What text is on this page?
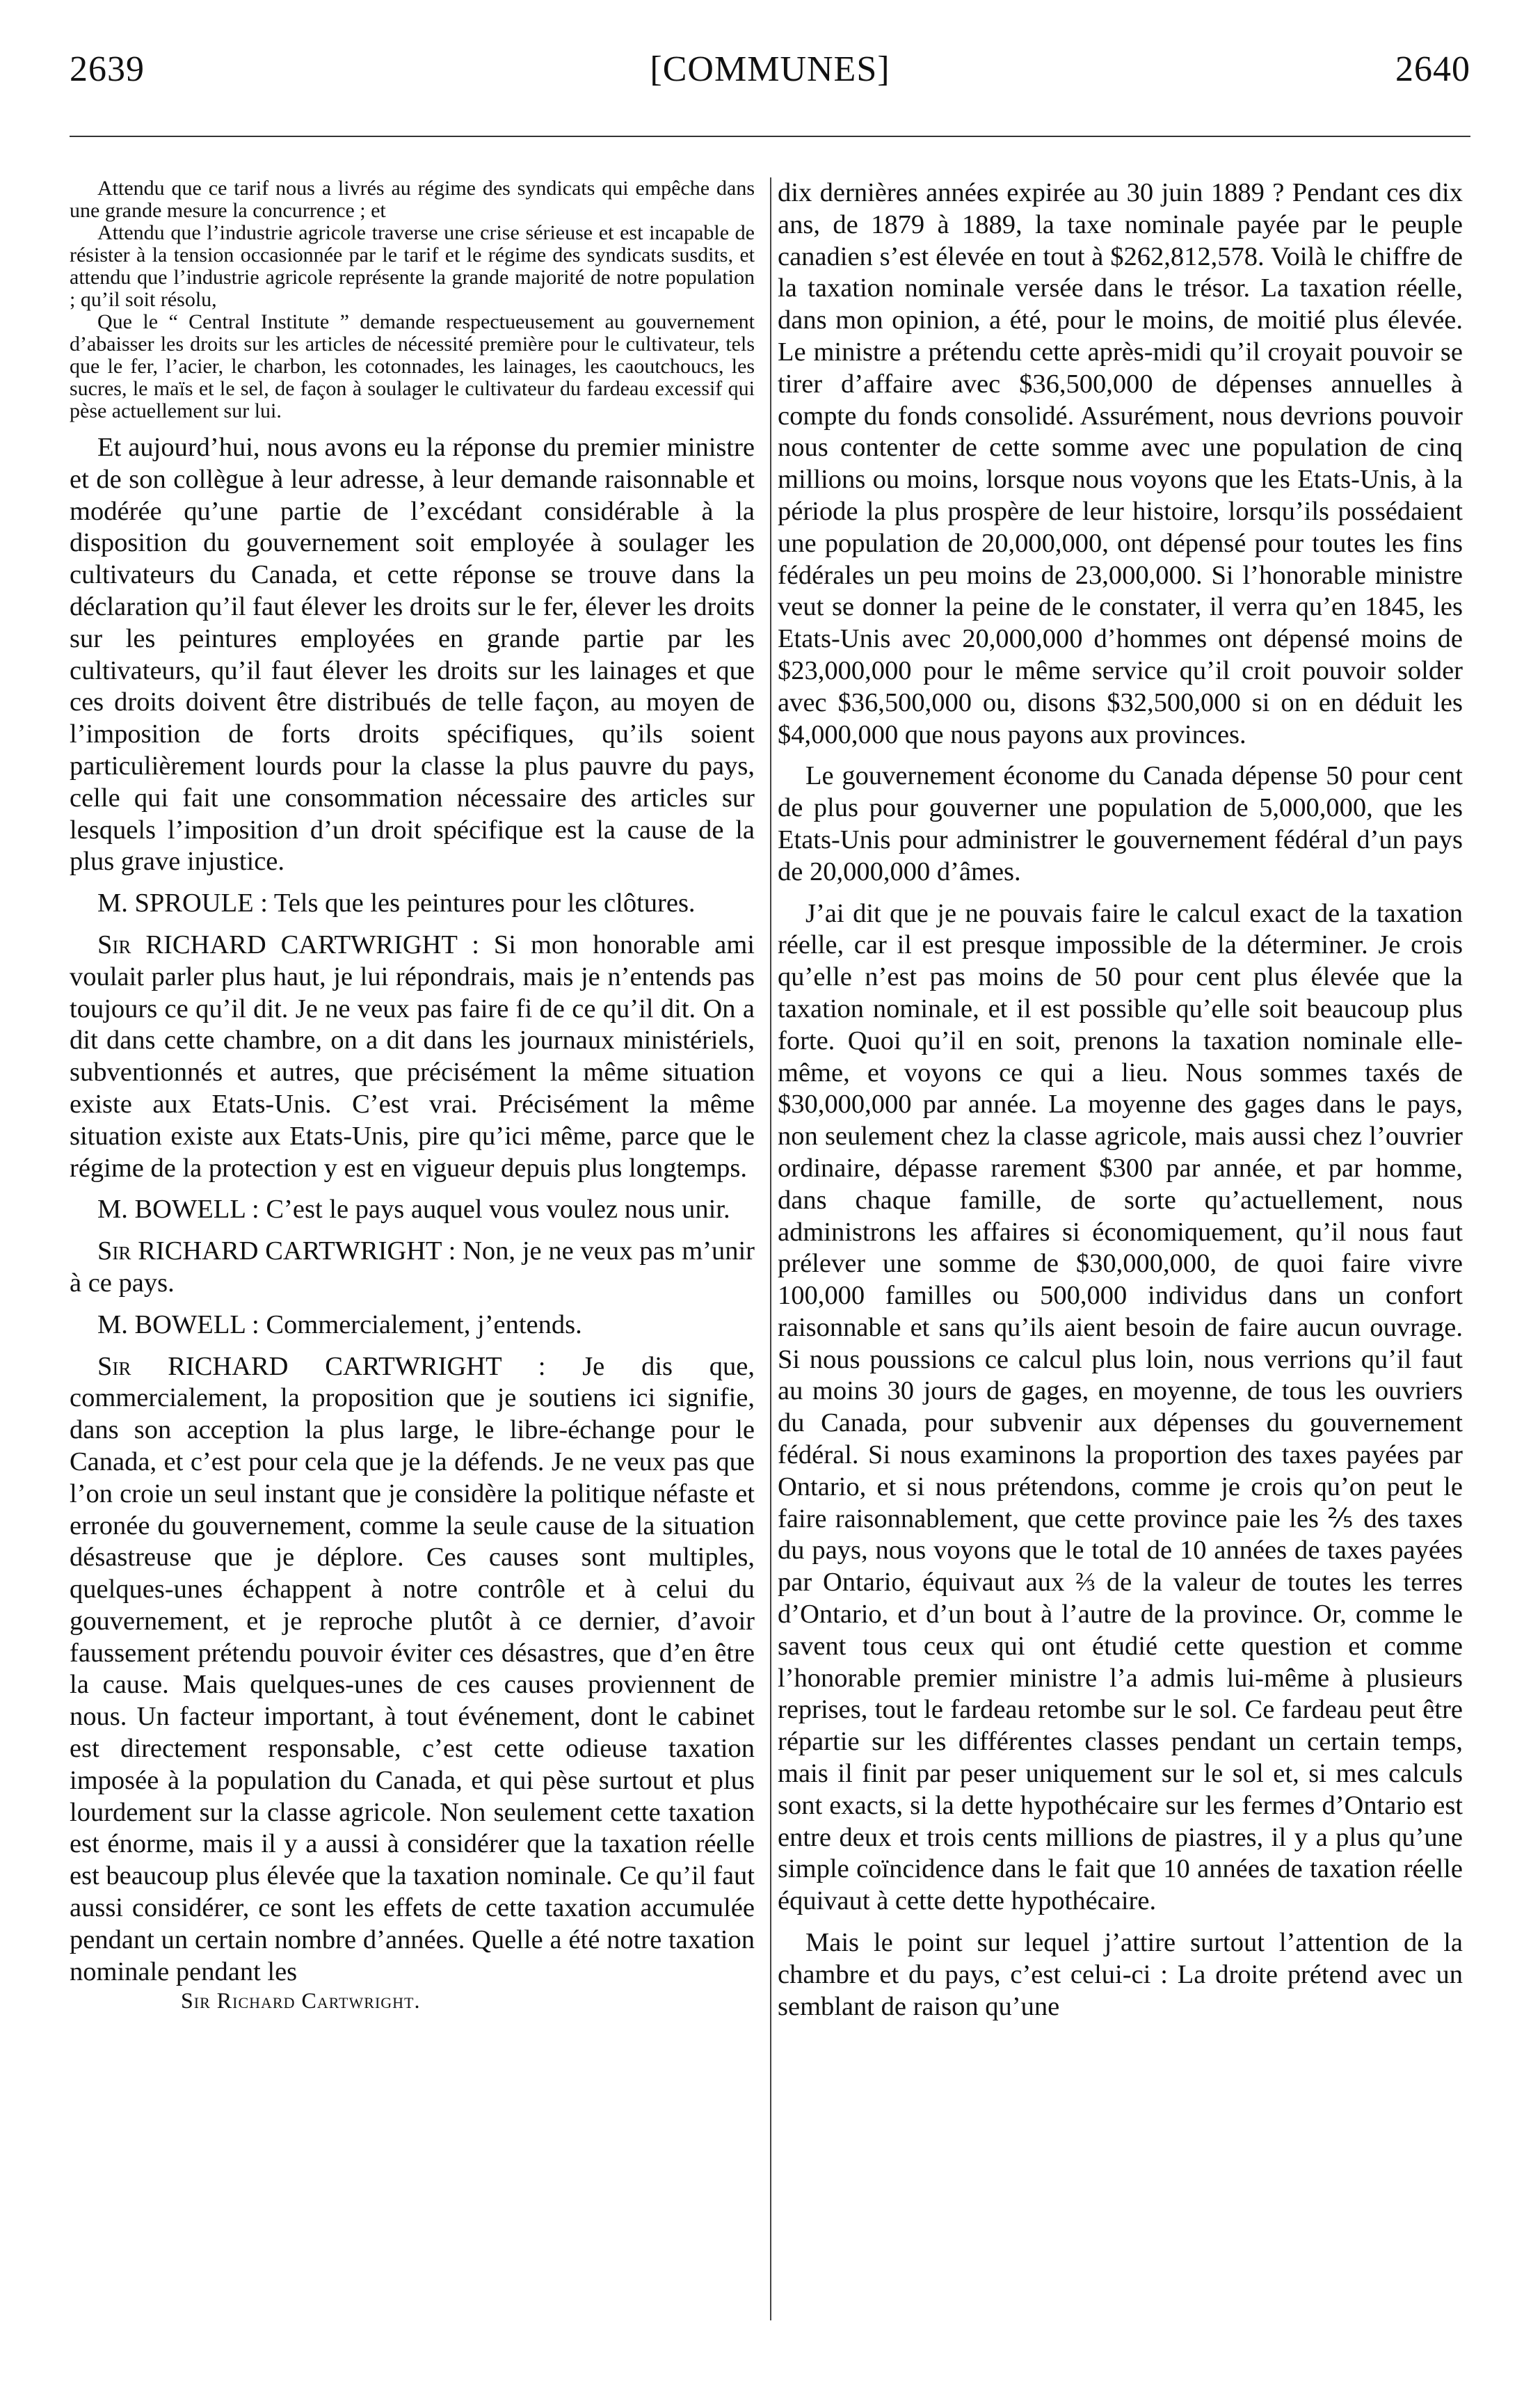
2639	[COMMUNES]	2640

Attendu que ce tarif nous a livrés au régime des syndicats qui empêche dans une grande mesure la concurrence ; et

Attendu que l’industrie agricole traverse une crise sérieuse et est incapable de résister à la tension occasionnée par le tarif et le régime des syndicats susdits, et attendu que l’industrie agricole représente la grande majorité de notre population ; qu’il soit résolu,

Que le “ Central Institute ” demande respectueusement au gouvernement d’abaisser les droits sur les articles de nécessité première pour le cultivateur, tels que le fer, l’acier, le charbon, les cotonnades, les lainages, les caoutchoucs, les sucres, le maïs et le sel, de façon à soulager le cultivateur du fardeau excessif qui pèse actuellement sur lui.

Et aujourd’hui, nous avons eu la réponse du premier ministre et de son collègue à leur adresse, à leur demande raisonnable et modérée qu’une partie de l’excédant considérable à la disposition du gouvernement soit employée à soulager les cultivateurs du Canada, et cette réponse se trouve dans la déclaration qu’il faut élever les droits sur le fer, élever les droits sur les peintures employées en grande partie par les cultivateurs, qu’il faut élever les droits sur les lainages et que ces droits doivent être distribués de telle façon, au moyen de l’imposition de forts droits spécifiques, qu’ils soient particulièrement lourds pour la classe la plus pauvre du pays, celle qui fait une consommation nécessaire des articles sur lesquels l’imposition d’un droit spécifique est la cause de la plus grave injustice.

M. SPROULE : Tels que les peintures pour les clôtures.

Sir RICHARD CARTWRIGHT : Si mon honorable ami voulait parler plus haut, je lui répondrais, mais je n’entends pas toujours ce qu’il dit. Je ne veux pas faire fi de ce qu’il dit. On a dit dans cette chambre, on a dit dans les journaux ministériels, subventionnés et autres, que précisément la même situation existe aux Etats-Unis. C’est vrai. Précisément la même situation existe aux Etats-Unis, pire qu’ici même, parce que le régime de la protection y est en vigueur depuis plus longtemps.

M. BOWELL : C’est le pays auquel vous voulez nous unir.

Sir RICHARD CARTWRIGHT : Non, je ne veux pas m’unir à ce pays.

M. BOWELL : Commercialement, j’entends.

Sir RICHARD CARTWRIGHT : Je dis que, commercialement, la proposition que je soutiens ici signifie, dans son acception la plus large, le libre-échange pour le Canada, et c’est pour cela que je la défends. Je ne veux pas que l’on croie un seul instant que je considère la politique néfaste et erronée du gouvernement, comme la seule cause de la situation désastreuse que je déplore. Ces causes sont multiples, quelques-unes échappent à notre contrôle et à celui du gouvernement, et je reproche plutôt à ce dernier, d’avoir faussement prétendu pouvoir éviter ces désastres, que d’en être la cause. Mais quelques-unes de ces causes proviennent de nous. Un facteur important, à tout événement, dont le cabinet est directement responsable, c’est cette odieuse taxation imposée à la population du Canada, et qui pèse surtout et plus lourdement sur la classe agricole. Non seulement cette taxation est énorme, mais il y a aussi à considérer que la taxation réelle est beaucoup plus élevée que la taxation nominale. Ce qu’il faut aussi considérer, ce sont les effets de cette taxation accumulée pendant un certain nombre d’années. Quelle a été notre taxation nominale pendant les

Sir Richard Cartwright.

dix dernières années expirée au 30 juin 1889 ? Pendant ces dix ans, de 1879 à 1889, la taxe nominale payée par le peuple canadien s’est élevée en tout à $262,812,578. Voilà le chiffre de la taxation nominale versée dans le trésor. La taxation réelle, dans mon opinion, a été, pour le moins, de moitié plus élevée. Le ministre a prétendu cette après-midi qu’il croyait pouvoir se tirer d’affaire avec $36,500,000 de dépenses annuelles à compte du fonds consolidé. Assurément, nous devrions pouvoir nous contenter de cette somme avec une population de cinq millions ou moins, lorsque nous voyons que les Etats-Unis, à la période la plus prospère de leur histoire, lorsqu’ils possédaient une population de 20,000,000, ont dépensé pour toutes les fins fédérales un peu moins de 23,000,000. Si l’honorable ministre veut se donner la peine de le constater, il verra qu’en 1845, les Etats-Unis avec 20,000,000 d’hommes ont dépensé moins de $23,000,000 pour le même service qu’il croit pouvoir solder avec $36,500,000 ou, disons $32,500,000 si on en déduit les $4,000,000 que nous payons aux provinces.

Le gouvernement économe du Canada dépense 50 pour cent de plus pour gouverner une population de 5,000,000, que les Etats-Unis pour administrer le gouvernement fédéral d’un pays de 20,000,000 d’âmes.

J’ai dit que je ne pouvais faire le calcul exact de la taxation réelle, car il est presque impossible de la déterminer. Je crois qu’elle n’est pas moins de 50 pour cent plus élevée que la taxation nominale, et il est possible qu’elle soit beaucoup plus forte. Quoi qu’il en soit, prenons la taxation nominale elle-même, et voyons ce qui a lieu. Nous sommes taxés de $30,000,000 par année. La moyenne des gages dans le pays, non seulement chez la classe agricole, mais aussi chez l’ouvrier ordinaire, dépasse rarement $300 par année, et par homme, dans chaque famille, de sorte qu’actuellement, nous administrons les affaires si économiquement, qu’il nous faut prélever une somme de $30,000,000, de quoi faire vivre 100,000 familles ou 500,000 individus dans un confort raisonnable et sans qu’ils aient besoin de faire aucun ouvrage. Si nous poussions ce calcul plus loin, nous verrions qu’il faut au moins 30 jours de gages, en moyenne, de tous les ouvriers du Canada, pour subvenir aux dépenses du gouvernement fédéral. Si nous examinons la proportion des taxes payées par Ontario, et si nous prétendons, comme je crois qu’on peut le faire raisonnablement, que cette province paie les ⅖ des taxes du pays, nous voyons que le total de 10 années de taxes payées par Ontario, équivaut aux ⅔ de la valeur de toutes les terres d’Ontario, et d’un bout à l’autre de la province. Or, comme le savent tous ceux qui ont étudié cette question et comme l’honorable premier ministre l’a admis lui-même à plusieurs reprises, tout le fardeau retombe sur le sol. Ce fardeau peut être répartie sur les différentes classes pendant un certain temps, mais il finit par peser uniquement sur le sol et, si mes calculs sont exacts, si la dette hypothécaire sur les fermes d’Ontario est entre deux et trois cents millions de piastres, il y a plus qu’une simple coïncidence dans le fait que 10 années de taxation réelle équivaut à cette dette hypothécaire.

Mais le point sur lequel j’attire surtout l’attention de la chambre et du pays, c’est celui-ci : La droite prétend avec un semblant de raison qu’une
